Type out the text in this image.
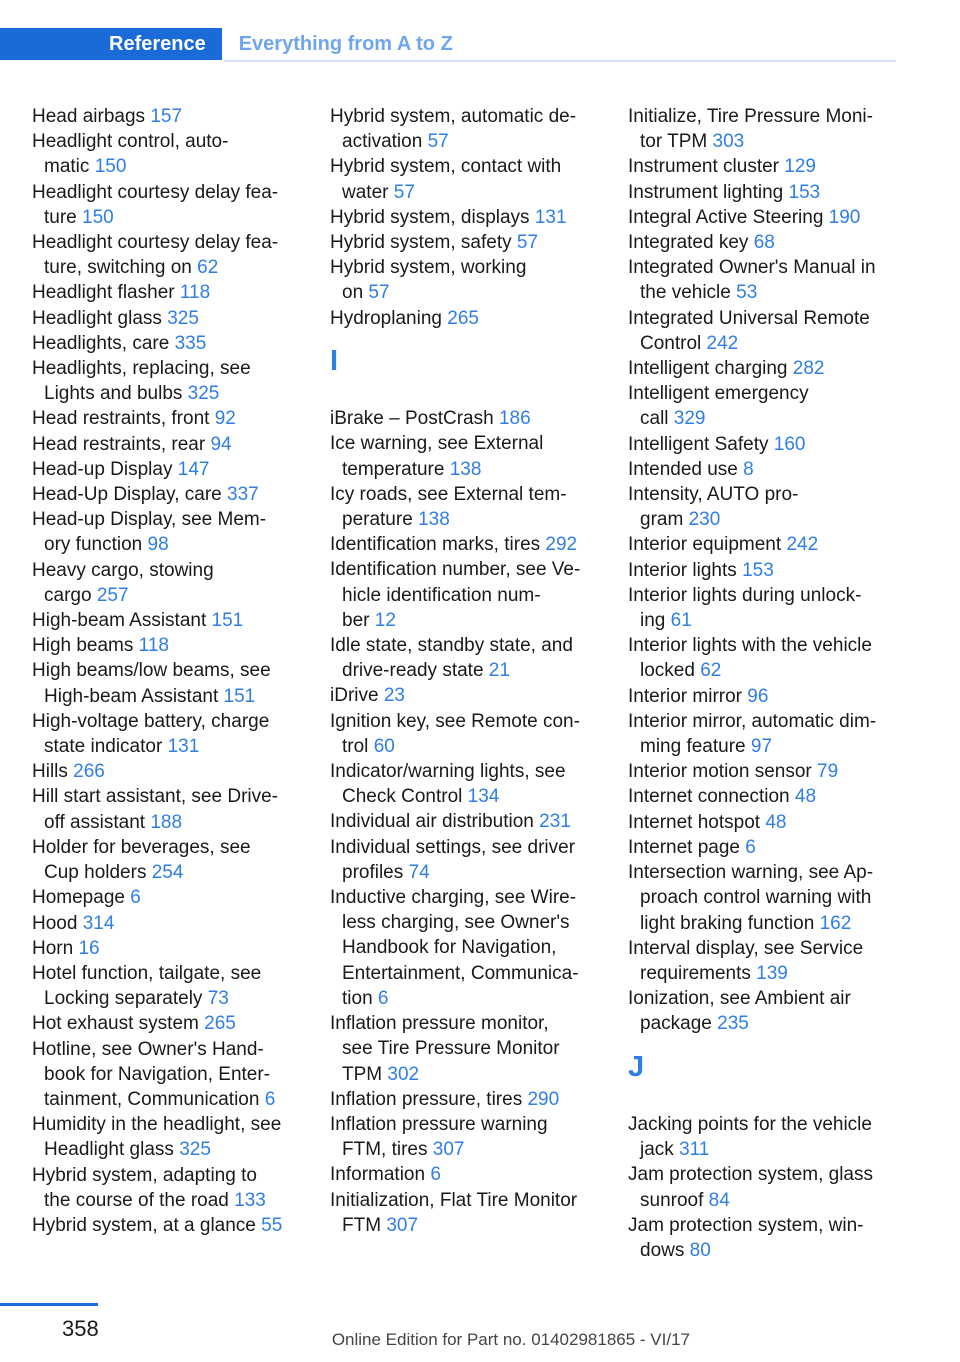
Reference	Everything from A to Z
Head airbags 157
Headlight control, auto-
matic 150
Headlight courtesy delay fea-
ture 150
Headlight courtesy delay fea-
ture, switching on 62
Headlight flasher 118
Headlight glass 325
Headlights, care 335
Headlights, replacing, see
Lights and bulbs 325
Head restraints, front 92
Head restraints, rear 94
Head-up Display 147
Head-Up Display, care 337
Head-up Display, see Mem-
ory function 98
Heavy cargo, stowing
cargo 257
High-beam Assistant 151
High beams 118
High beams/low beams, see
High-beam Assistant 151
High-voltage battery, charge
state indicator 131
Hills 266
Hill start assistant, see Drive-
off assistant 188
Holder for beverages, see
Cup holders 254
Homepage 6
Hood 314
Horn 16
Hotel function, tailgate, see
Locking separately 73
Hot exhaust system 265
Hotline, see Owner's Hand-
book for Navigation, Enter-
tainment, Communication 6
Humidity in the headlight, see
Headlight glass 325
Hybrid system, adapting to
the course of the road 133
Hybrid system, at a glance 55
Hybrid system, automatic de-
activation 57
Hybrid system, contact with
water 57
Hybrid system, displays 131
Hybrid system, safety 57
Hybrid system, working
on 57
Hydroplaning 265
I
iBrake – PostCrash 186
Ice warning, see External
temperature 138
Icy roads, see External tem-
perature 138
Identification marks, tires 292
Identification number, see Ve-
hicle identification num-
ber 12
Idle state, standby state, and
drive-ready state 21
iDrive 23
Ignition key, see Remote con-
trol 60
Indicator/warning lights, see
Check Control 134
Individual air distribution 231
Individual settings, see driver
profiles 74
Inductive charging, see Wire-
less charging, see Owner's
Handbook for Navigation,
Entertainment, Communica-
tion 6
Inflation pressure monitor,
see Tire Pressure Monitor
TPM 302
Inflation pressure, tires 290
Inflation pressure warning
FTM, tires 307
Information 6
Initialization, Flat Tire Monitor
FTM 307
Initialize, Tire Pressure Moni-
tor TPM 303
Instrument cluster 129
Instrument lighting 153
Integral Active Steering 190
Integrated key 68
Integrated Owner's Manual in
the vehicle 53
Integrated Universal Remote
Control 242
Intelligent charging 282
Intelligent emergency
call 329
Intelligent Safety 160
Intended use 8
Intensity, AUTO pro-
gram 230
Interior equipment 242
Interior lights 153
Interior lights during unlock-
ing 61
Interior lights with the vehicle
locked 62
Interior mirror 96
Interior mirror, automatic dim-
ming feature 97
Interior motion sensor 79
Internet connection 48
Internet hotspot 48
Internet page 6
Intersection warning, see Ap-
proach control warning with
light braking function 162
Interval display, see Service
requirements 139
Ionization, see Ambient air
package 235
J
Jacking points for the vehicle
jack 311
Jam protection system, glass
sunroof 84
Jam protection system, win-
dows 80
358	Online Edition for Part no. 01402981865 - VI/17
